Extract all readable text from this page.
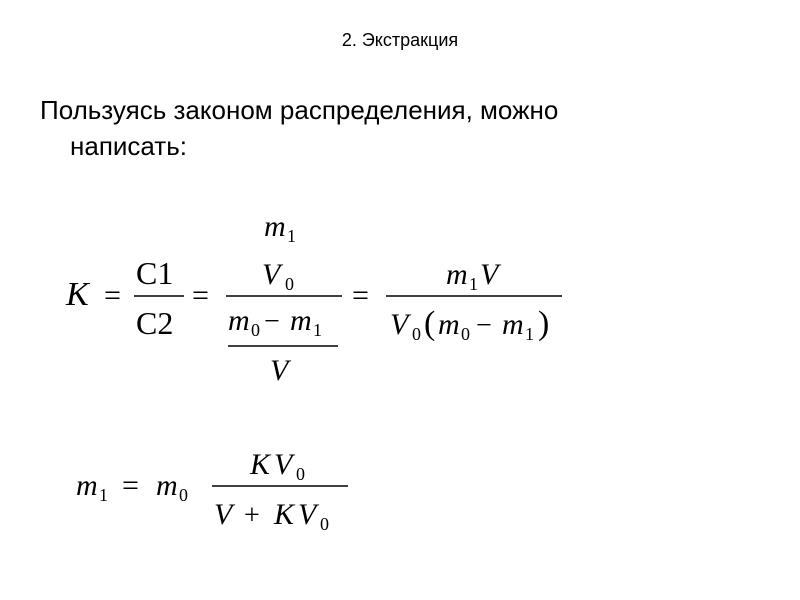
2. Экстракция
Пользуясь законом распределения, можно
написать:
K =
C1
C2
=
m 1
V 0
m 0 − m 1
V
=
m 1 V
V 0 ( m 0 − m 1 )
m 1 = m 0
K V 0
V + K V 0
